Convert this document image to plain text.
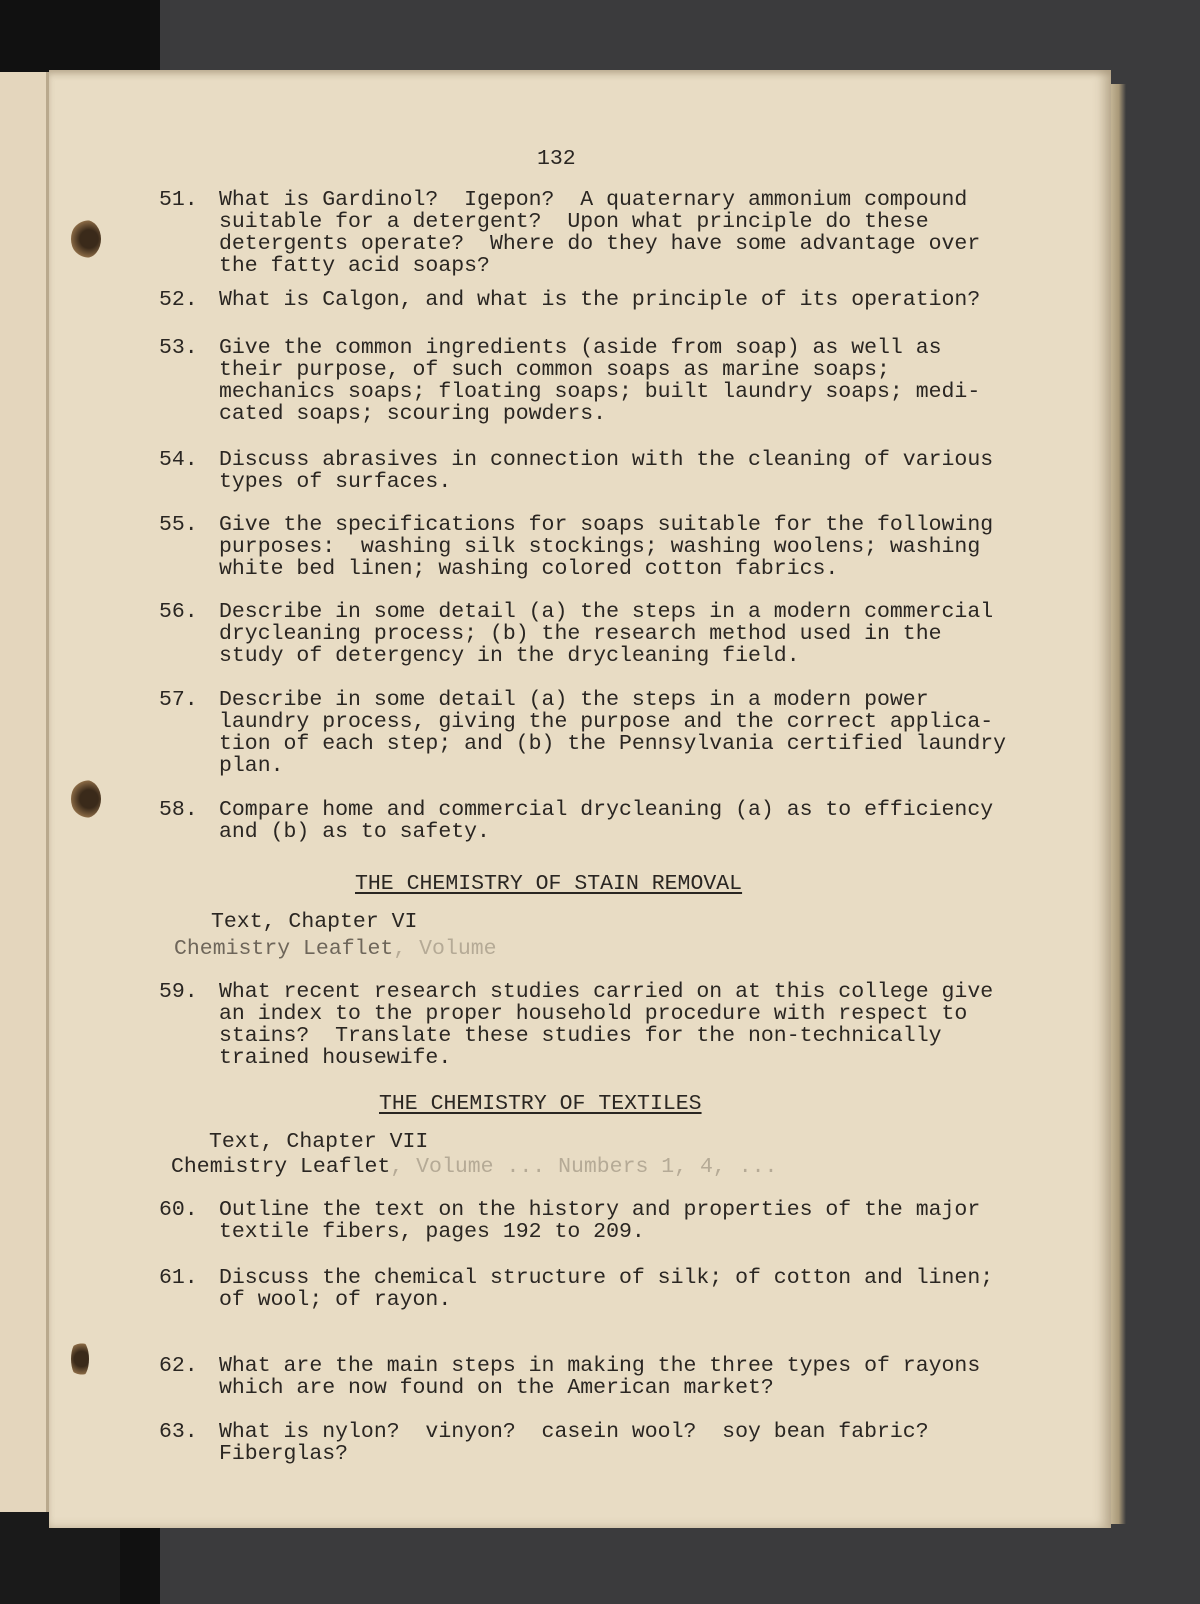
132
51. What is Gardinol?  Igepon?  A quaternary ammonium compound
suitable for a detergent?  Upon what principle do these
detergents operate?  Where do they have some advantage over
the fatty acid soaps?
52. What is Calgon, and what is the principle of its operation?
53. Give the common ingredients (aside from soap) as well as
their purpose, of such common soaps as marine soaps;
mechanics soaps; floating soaps; built laundry soaps; medi-
cated soaps; scouring powders.
54. Discuss abrasives in connection with the cleaning of various
types of surfaces.
55. Give the specifications for soaps suitable for the following
purposes:  washing silk stockings; washing woolens; washing
white bed linen; washing colored cotton fabrics.
56. Describe in some detail (a) the steps in a modern commercial
drycleaning process; (b) the research method used in the
study of detergency in the drycleaning field.
57. Describe in some detail (a) the steps in a modern power
laundry process, giving the purpose and the correct applica-
tion of each step; and (b) the Pennsylvania certified laundry
plan.
58. Compare home and commercial drycleaning (a) as to efficiency
and (b) as to safety.
59. What recent research studies carried on at this college give
an index to the proper household procedure with respect to
stains?  Translate these studies for the non-technically
trained housewife.
60. Outline the text on the history and properties of the major
textile fibers, pages 192 to 209.
61. Discuss the chemical structure of silk; of cotton and linen;
of wool; of rayon.
62. What are the main steps in making the three types of rayons
which are now found on the American market?
63. What is nylon?  vinyon?  casein wool?  soy bean fabric?
Fiberglas?
THE CHEMISTRY OF STAIN REMOVAL
Text, Chapter VI
Chemistry Leaflet, Volume
THE CHEMISTRY OF TEXTILES
Text, Chapter VII
Chemistry Leaflet, Volume ... Numbers 1, 4, ...
